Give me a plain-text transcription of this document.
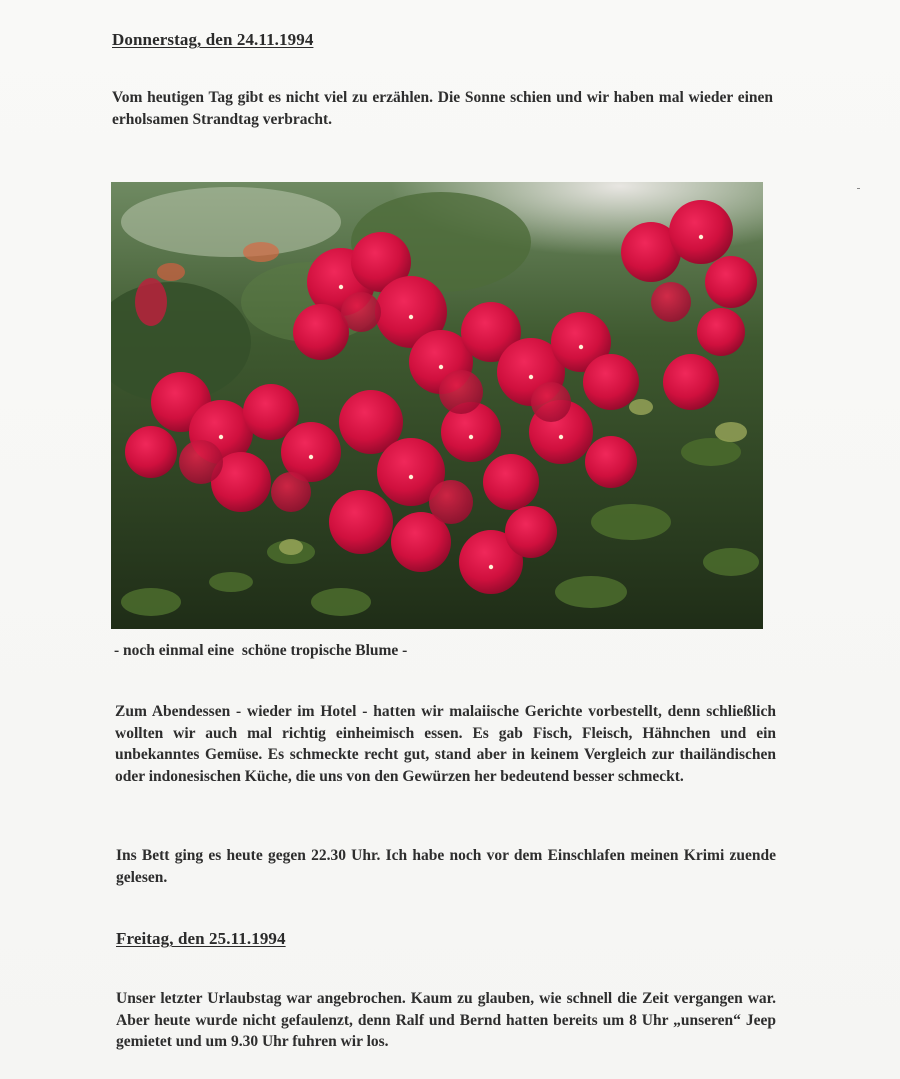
Donnerstag, den 24.11.1994
Vom heutigen Tag gibt es nicht viel zu erzählen. Die Sonne schien und wir haben mal wieder einen erholsamen Strandtag verbracht.
- noch einmal eine  schöne tropische Blume -
Zum Abendessen - wieder im Hotel - hatten wir malaiische Gerichte vorbestellt, denn schließlich wollten wir auch mal richtig einheimisch essen. Es gab Fisch, Fleisch, Hähnchen und ein unbekanntes Gemüse. Es schmeckte recht gut, stand aber in keinem Vergleich zur thailändischen oder indonesischen Küche, die uns von den Gewürzen her bedeutend besser schmeckt.
Ins Bett ging es heute gegen 22.30 Uhr. Ich habe noch vor dem Einschlafen meinen Krimi zuende gelesen.
Freitag, den 25.11.1994
Unser letzter Urlaubstag war angebrochen. Kaum zu glauben, wie schnell die Zeit vergangen war. Aber heute wurde nicht gefaulenzt, denn Ralf und Bernd hatten bereits um 8 Uhr „unseren“ Jeep gemietet und um 9.30 Uhr fuhren wir los.
